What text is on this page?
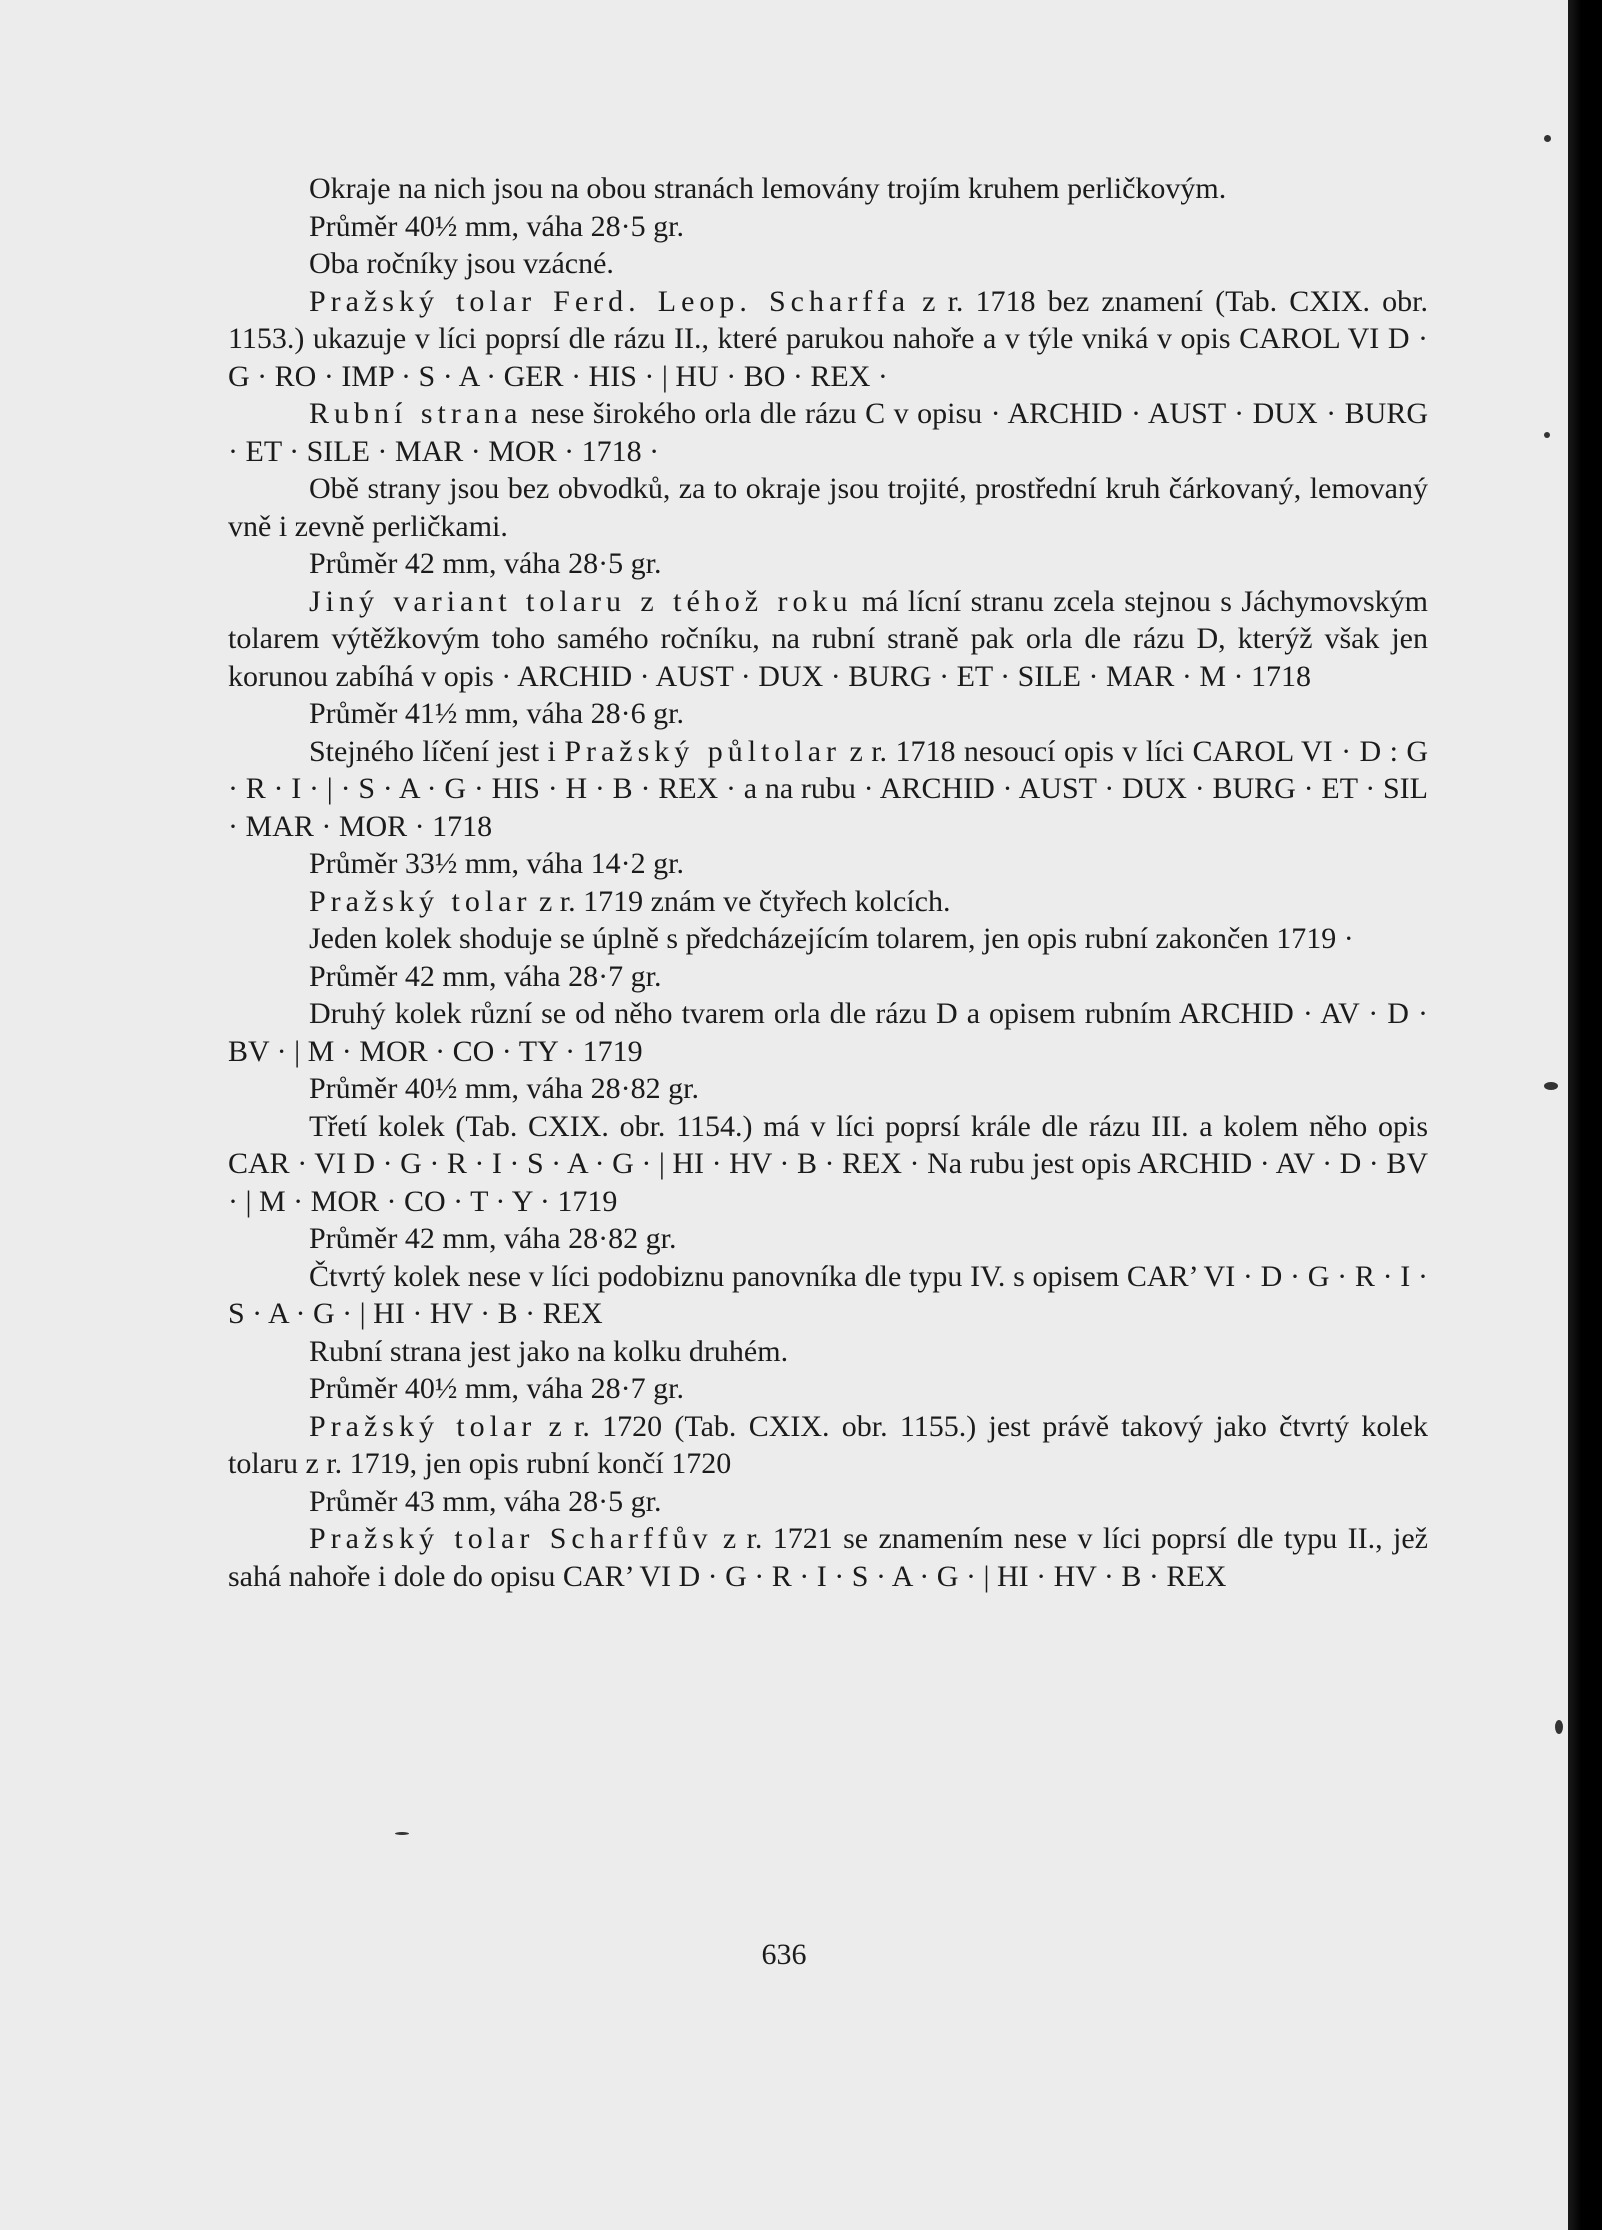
Okraje na nich jsou na obou stranách lemovány trojím kruhem perličkovým.

Průměr 40½ mm, váha 28·5 gr.

Oba ročníky jsou vzácné.

Pražský tolar Ferd. Leop. Scharffa z r. 1718 bez znamení (Tab. CXIX. obr. 1153.) ukazuje v líci poprsí dle rázu II., které parukou nahoře a v týle vniká v opis CAROL VI D · G · RO · IMP · S · A · GER · HIS · | HU · BO · REX ·

Rubní strana nese širokého orla dle rázu C v opisu · ARCHID · AUST · DUX · BURG · ET · SILE · MAR · MOR · 1718 ·

Obě strany jsou bez obvodků, za to okraje jsou trojité, prostřední kruh čárkovaný, lemovaný vně i zevně perličkami.

Průměr 42 mm, váha 28·5 gr.

Jiný variant tolaru z téhož roku má lícní stranu zcela stejnou s Jáchymovským tolarem výtěžkovým toho samého ročníku, na rubní straně pak orla dle rázu D, kterýž však jen korunou zabíhá v opis · ARCHID · AUST · DUX · BURG · ET · SILE · MAR · M · 1718

Průměr 41½ mm, váha 28·6 gr.

Stejného líčení jest i Pražský půltolar z r. 1718 nesoucí opis v líci CAROL VI · D : G · R · I · | · S · A · G · HIS · H · B · REX · a na rubu · ARCHID · AUST · DUX · BURG · ET · SIL · MAR · MOR · 1718

Průměr 33½ mm, váha 14·2 gr.

Pražský tolar z r. 1719 znám ve čtyřech kolcích.

Jeden kolek shoduje se úplně s předcházejícím tolarem, jen opis rubní zakončen 1719 ·

Průměr 42 mm, váha 28·7 gr.

Druhý kolek různí se od něho tvarem orla dle rázu D a opisem rubním ARCHID · AV · D · BV · | M · MOR · CO · TY · 1719

Průměr 40½ mm, váha 28·82 gr.

Třetí kolek (Tab. CXIX. obr. 1154.) má v líci poprsí krále dle rázu III. a kolem něho opis CAR · VI D · G · R · I · S · A · G · | HI · HV · B · REX · Na rubu jest opis ARCHID · AV · D · BV · | M · MOR · CO · T · Y · 1719

Průměr 42 mm, váha 28·82 gr.

Čtvrtý kolek nese v líci podobiznu panovníka dle typu IV. s opisem CAR’ VI · D · G · R · I · S · A · G · | HI · HV · B · REX

Rubní strana jest jako na kolku druhém.

Průměr 40½ mm, váha 28·7 gr.

Pražský tolar z r. 1720 (Tab. CXIX. obr. 1155.) jest právě takový jako čtvrtý kolek tolaru z r. 1719, jen opis rubní končí 1720

Průměr 43 mm, váha 28·5 gr.

Pražský tolar Scharffův z r. 1721 se znamením nese v líci poprsí dle typu II., jež sahá nahoře i dole do opisu CAR’ VI D · G · R · I · S · A · G · | HI · HV · B · REX

636
